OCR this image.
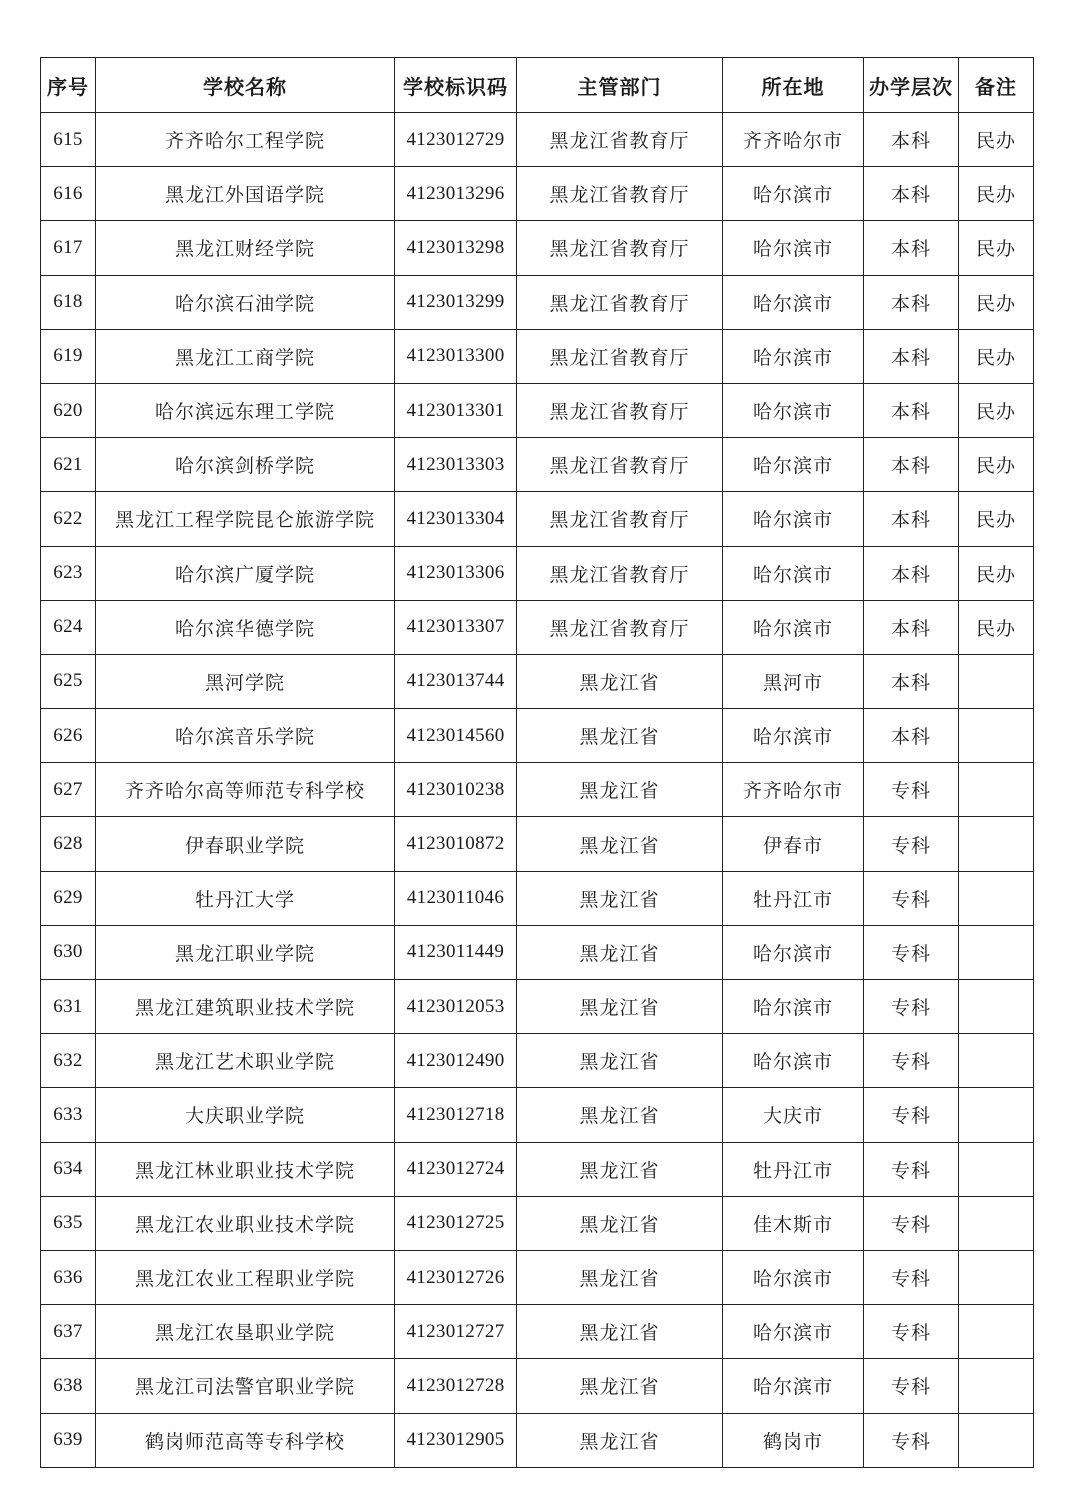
序号	学校名称	学校标识码	主管部门	所在地	办学层次	备注
615	齐齐哈尔工程学院	4123012729	黑龙江省教育厅	齐齐哈尔市	本科	民办
616	黑龙江外国语学院	4123013296	黑龙江省教育厅	哈尔滨市	本科	民办
617	黑龙江财经学院	4123013298	黑龙江省教育厅	哈尔滨市	本科	民办
618	哈尔滨石油学院	4123013299	黑龙江省教育厅	哈尔滨市	本科	民办
619	黑龙江工商学院	4123013300	黑龙江省教育厅	哈尔滨市	本科	民办
620	哈尔滨远东理工学院	4123013301	黑龙江省教育厅	哈尔滨市	本科	民办
621	哈尔滨剑桥学院	4123013303	黑龙江省教育厅	哈尔滨市	本科	民办
622	黑龙江工程学院昆仑旅游学院	4123013304	黑龙江省教育厅	哈尔滨市	本科	民办
623	哈尔滨广厦学院	4123013306	黑龙江省教育厅	哈尔滨市	本科	民办
624	哈尔滨华德学院	4123013307	黑龙江省教育厅	哈尔滨市	本科	民办
625	黑河学院	4123013744	黑龙江省	黑河市	本科	
626	哈尔滨音乐学院	4123014560	黑龙江省	哈尔滨市	本科	
627	齐齐哈尔高等师范专科学校	4123010238	黑龙江省	齐齐哈尔市	专科	
628	伊春职业学院	4123010872	黑龙江省	伊春市	专科	
629	牡丹江大学	4123011046	黑龙江省	牡丹江市	专科	
630	黑龙江职业学院	4123011449	黑龙江省	哈尔滨市	专科	
631	黑龙江建筑职业技术学院	4123012053	黑龙江省	哈尔滨市	专科	
632	黑龙江艺术职业学院	4123012490	黑龙江省	哈尔滨市	专科	
633	大庆职业学院	4123012718	黑龙江省	大庆市	专科	
634	黑龙江林业职业技术学院	4123012724	黑龙江省	牡丹江市	专科	
635	黑龙江农业职业技术学院	4123012725	黑龙江省	佳木斯市	专科	
636	黑龙江农业工程职业学院	4123012726	黑龙江省	哈尔滨市	专科	
637	黑龙江农垦职业学院	4123012727	黑龙江省	哈尔滨市	专科	
638	黑龙江司法警官职业学院	4123012728	黑龙江省	哈尔滨市	专科	
639	鹤岗师范高等专科学校	4123012905	黑龙江省	鹤岗市	专科	
